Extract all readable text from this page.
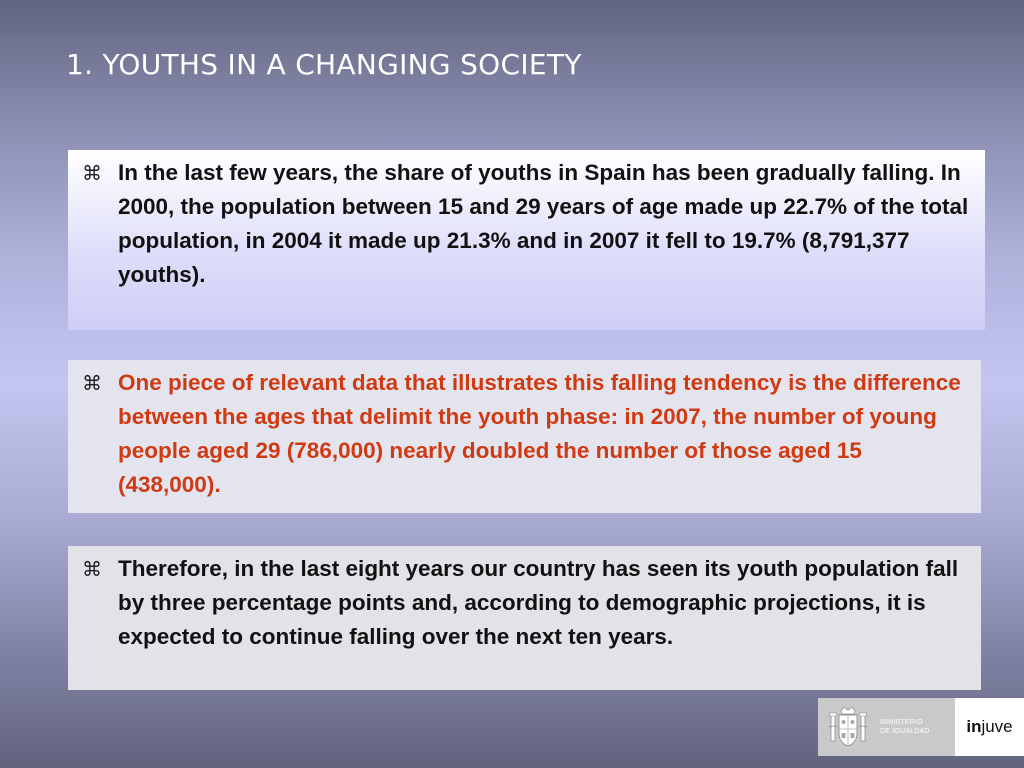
1. YOUTHS IN A CHANGING SOCIETY
⌘ In the last few years, the share of youths in Spain has been gradually falling. In 2000, the population between 15 and 29 years of age made up 22.7% of the total population, in 2004 it made up 21.3% and in 2007 it fell to 19.7% (8,791,377 youths).
⌘ One piece of relevant data that illustrates this falling tendency is the difference between the ages that delimit the youth phase: in 2007, the number of young people aged 29 (786,000) nearly doubled the number of those aged 15 (438,000).
⌘ Therefore, in the last eight years our country has seen its youth population fall by three percentage points and, according to demographic projections, it is expected to continue falling over the next ten years.
MINISTERIO
DE IGUALDAD in juve
